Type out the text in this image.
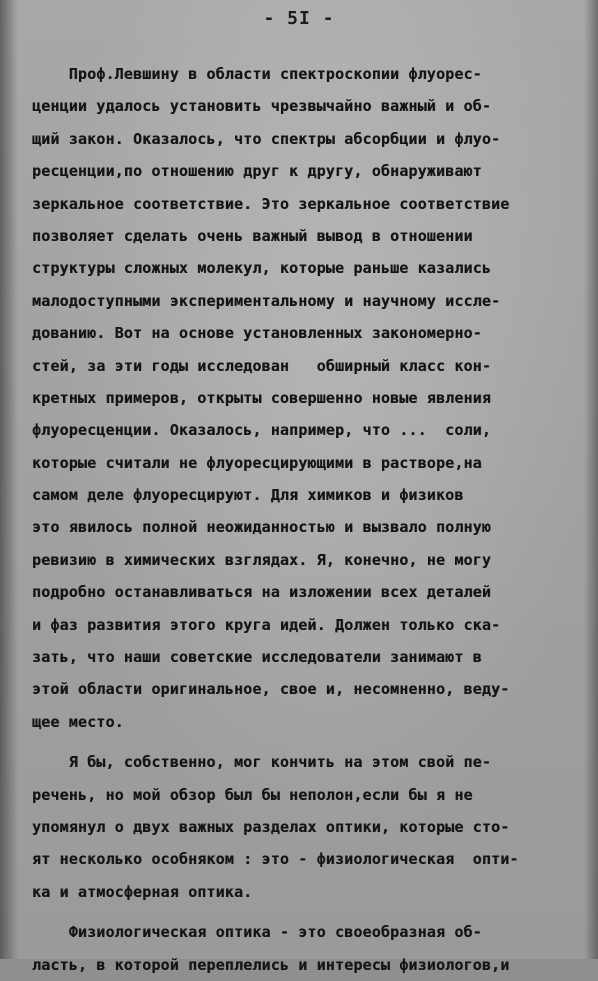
- 5I -
Проф.Левшину в области спектроскопии флуорес-
ценции удалось установить чрезвычайно важный и об-
щий закон. Оказалось, что спектры абсорбции и флуо-
ресценции,по отношению друг к другу, обнаруживают
зеркальное соответствие. Это зеркальное соответствие
позволяет сделать очень важный вывод в отношении
структуры сложных молекул, которые раньше казались
малодоступными экспериментальному и научному иссле-
дованию. Вот на основе установленных закономерно-
стей, за эти годы исследован   обширный класс кон-
кретных примеров, открыты совершенно новые явления
флуоресценции. Оказалось, например, что ...  соли,
которые считали не флуоресцирующими в растворе,на
самом деле флуоресцируют. Для химиков и физиков
это явилось полной неожиданностью и вызвало полную
ревизию в химических взглядах. Я, конечно, не могу
подробно останавливаться на изложении всех деталей
и фаз развития этого круга идей. Должен только ска-
зать, что наши советские исследователи занимают в
этой области оригинальное, свое и, несомненно, веду-
щее место.
Я бы, собственно, мог кончить на этом свой пе-
речень, но мой обзор был бы неполон,если бы я не
упомянул о двух важных разделах оптики, которые сто-
ят несколько особняком : это - физиологическая  опти-
ка и атмосферная оптика.
Физиологическая оптика - это своеобразная об-
ласть, в которой переплелись и интересы физиологов,и
